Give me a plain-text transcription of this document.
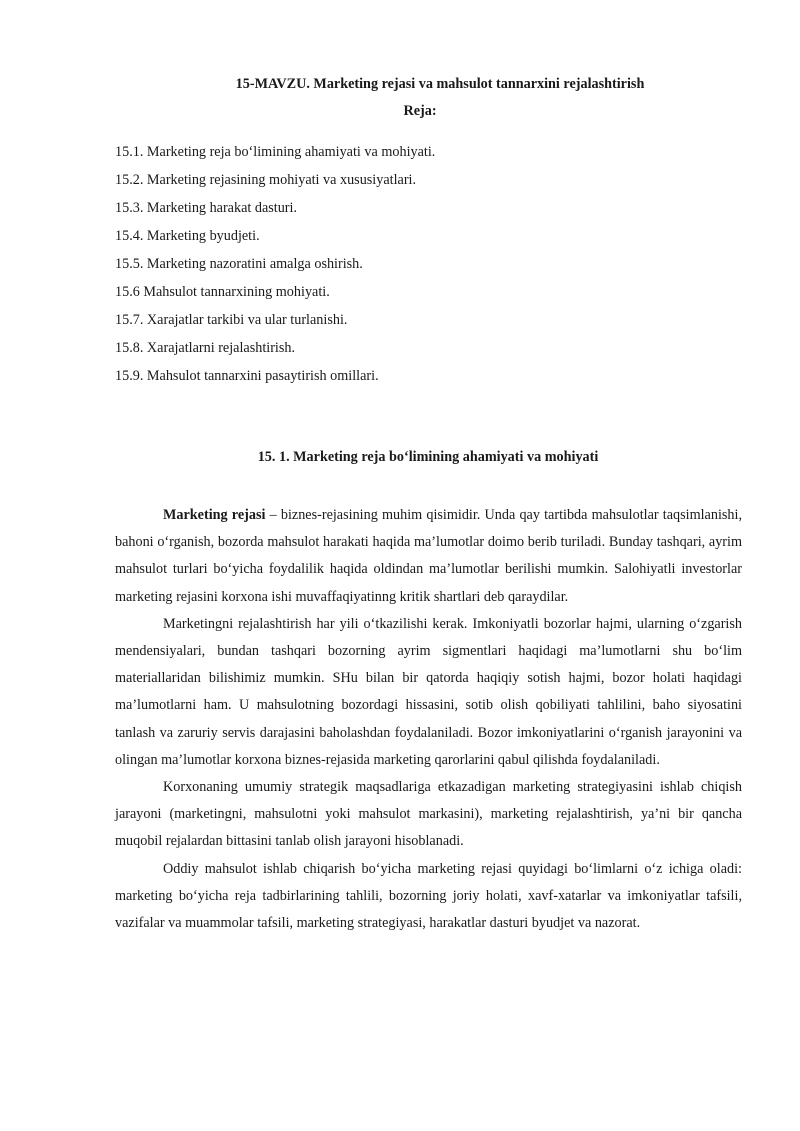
15-MAVZU. Marketing rejasi va mahsulot tannarxini rejalashtirish
Reja:
15.1. Marketing reja bo‘limining ahamiyati va mohiyati.
15.2. Marketing rejasining mohiyati va xususiyatlari.
15.3. Marketing harakat dasturi.
15.4. Marketing byudjeti.
15.5. Marketing nazoratini amalga oshirish.
15.6 Mahsulot tannarxining mohiyati.
15.7. Xarajatlar tarkibi va ular turlanishi.
15.8. Xarajatlarni rejalashtirish.
15.9. Mahsulot tannarxini pasaytirish omillari.
15. 1. Marketing reja bo‘limining ahamiyati va mohiyati

Marketing rejasi – biznes-rejasining muhim qisimidir. Unda qay tartibda mahsulotlar taqsimlanishi, bahoni o‘rganish, bozorda mahsulot harakati haqida ma’lumotlar doimo berib turiladi. Bunday tashqari, ayrim mahsulot turlari bo‘yicha foydalilik haqida oldindan ma’lumotlar berilishi mumkin. Salohiyatli investorlar marketing rejasini korxona ishi muvaffaqiyatinng kritik shartlari deb qaraydilar.

Marketingni rejalashtirish har yili o‘tkazilishi kerak. Imkoniyatli bozorlar hajmi, ularning o‘zgarish mendensiyalari, bundan tashqari bozorning ayrim sigmentlari haqidagi ma’lumotlarni shu bo‘lim materiallaridan bilishimiz mumkin. SHu bilan bir qatorda haqiqiy sotish hajmi, bozor holati haqidagi ma’lumotlarni ham. U mahsulotning bozordagi hissasini, sotib olish qobiliyati tahlilini, baho siyosatini tanlash va zaruriy servis darajasini baholashdan foydalaniladi. Bozor imkoniyatlarini o‘rganish jarayonini va olingan ma’lumotlar korxona biznes-rejasida marketing qarorlarini qabul qilishda foydalaniladi.

Korxonaning umumiy strategik maqsadlariga etkazadigan marketing strategiyasini ishlab chiqish jarayoni (marketingni, mahsulotni yoki mahsulot markasini), marketing rejalashtirish, ya’ni bir qancha muqobil rejalardan bittasini tanlab olish jarayoni hisoblanadi.

Oddiy mahsulot ishlab chiqarish bo‘yicha marketing rejasi quyidagi bo‘limlarni o‘z ichiga oladi: marketing bo‘yicha reja tadbirlarining tahlili, bozorning joriy holati, xavf-xatarlar va imkoniyatlar tafsili, vazifalar va muammolar tafsili, marketing strategiyasi, harakatlar dasturi byudjet va nazorat.
